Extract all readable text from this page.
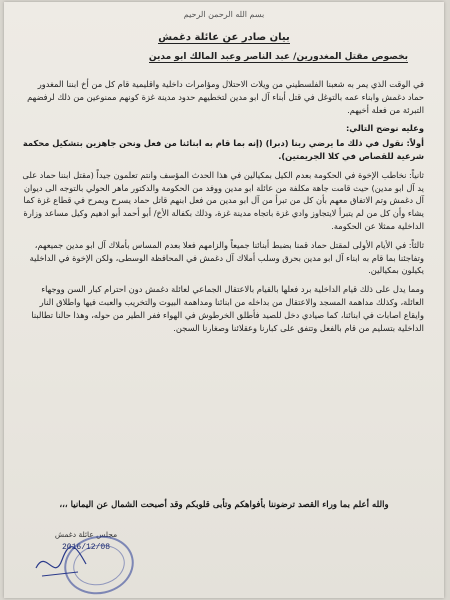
بسم الله الرحمن الرحيم
بيان صادر عن عائلة دغمش
بخصوص مقتل المغدورين/ عبد الناصر وعبد المالك ابو مدين

في الوقت الذي يمر به شعبنا الفلسطيني من ويلات الاحتلال ومؤامرات داخلية واقليمية قام كل من أخ ابننا المغدور حماد دغمش وابناء عمه بالتوغل في قتل أبناء آل ابو مدين لتخطيهم حدود مدينة غزة كونهم ممنوعين من ذلك لرفضهم التبرئة من فعلة أخيهم.

وعليه نوضح التالي:

أولاً: نقول في ذلك ما يرضي ربنا (دبرا) (إنه بما قام به ابنائنا من فعل ونحن جاهزين بتشكيل محكمة شرعية للقصاص في كلا الجريمتين).

ثانياً: نخاطب الإخوة في الحكومة بعدم الكيل بمكيالين في هذا الحدث المؤسف وانتم تعلمون جيداً (مقتل ابننا حماد على يد آل ابو مدين) حيث قامت جاهة مكلفة من عائلة ابو مدين ووفد من الحكومة والدكتور ماهر الحولي بالتوجه الى ديوان آل دغمش وتم الاتفاق معهم بأن كل من تبرأ من آل ابو مدين من فعل ابنهم قاتل حماد يسرح ويمرح في قطاع غزة كما يشاء وأن كل من لم يتبرأ لايتجاوز وادي غزة باتجاه مدينة غزة، وذلك بكفالة الأخ/ أبو أحمد أبو ادهيم وكيل مساعد وزارة الداخلية ممثلا عن الحكومة.

ثالثاً: في الأيام الأولى لمقتل حماد قمنا بضبط أبنائنا جميعاً والزامهم فعلا بعدم المساس بأملاك آل ابو مدين جميعهم، وتفاجئنا بما قام به ابناء آل ابو مدين بحرق وسلب أملاك آل دغمش في المحافظة الوسطى، ولكن الإخوة في الداخلية يكيلون بمكيالين.

ومما يدل على ذلك قيام الداخلية برد فعلها بالقيام بالاعتقال الجماعي لعائلة دغمش دون احترام كبار السن ووجهاء العائلة، وكذلك مداهمة المسجد والاعتقال من بداخله من ابنائنا ومداهمة البيوت والتخريب والعبث فيها واطلاق النار وايقاع اصابات في ابنائنا، كما صيادي دخل للصيد فأطلق الخرطوش في الهواء ففر الطير من حوله، وهذا حالنا تطالبنا الداخلية بتسليم من قام بالفعل وتتفق على كبارنا وعقلائنا وصغارنا السجن.

والله أعلم بما وراء القصد ترضوننا بأفواهكم وتأبى قلوبكم وقد أصبحت الشمال عن اليمانيا ،،،
مجلس عائلة دغمش
2016/12/08
